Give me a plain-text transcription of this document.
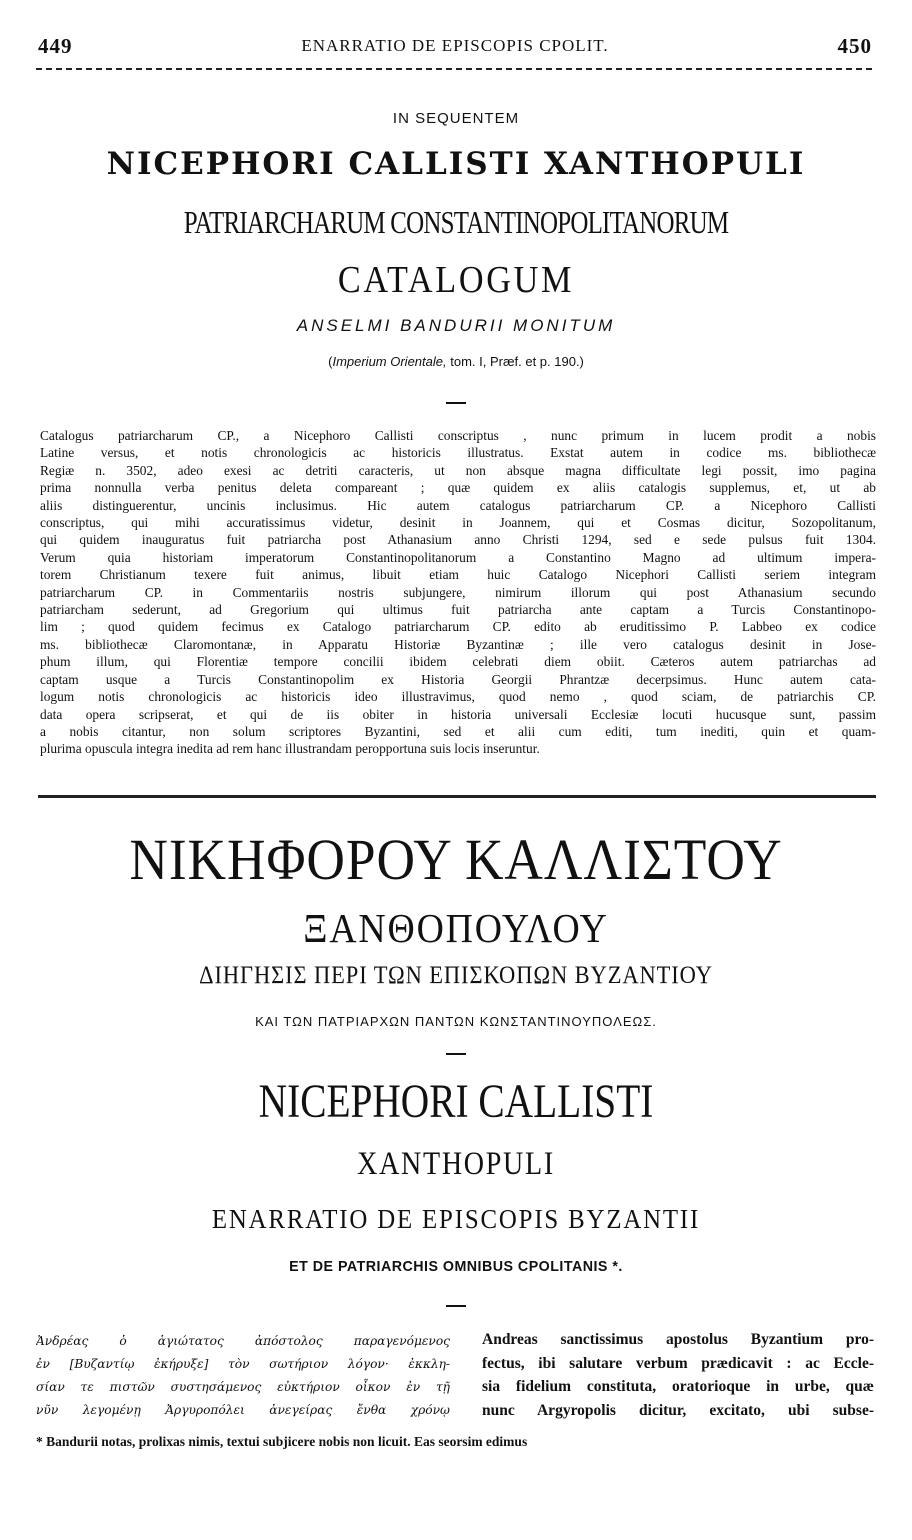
449	ENARRATIO DE EPISCOPIS CPOLIT.	450
IN SEQUENTEM
NICEPHORI CALLISTI XANTHOPULI
PATRIARCHARUM CONSTANTINOPOLITANORUM
CATALOGUM
ANSELMI BANDURII MONITUM
(Imperium Orientale, tom. I, Præf. et p. 190.)
Catalogus patriarcharum CP., a Nicephoro Callisti conscriptus , nunc primum in lucem prodit a nobis
Latine versus, et notis chronologicis ac historicis illustratus. Exstat autem in codice ms. bibliothecæ
Regiæ n. 3502, adeo exesi ac detriti caracteris, ut non absque magna difficultate legi possit, imo pagina
prima nonnulla verba penitus deleta compareant ; quæ quidem ex aliis catalogis supplemus, et, ut ab
aliis distinguerentur, uncinis inclusimus. Hic autem catalogus patriarcharum CP. a Nicephoro Callisti
conscriptus, qui mihi accuratissimus videtur, desinit in Joannem, qui et Cosmas dicitur, Sozopolitanum,
qui quidem inauguratus fuit patriarcha post Athanasium anno Christi 1294, sed e sede pulsus fuit 1304.
Verum quia historiam imperatorum Constantinopolitanorum a Constantino Magno ad ultimum impera-
torem Christianum texere fuit animus, libuit etiam huic Catalogo Nicephori Callisti seriem integram
patriarcharum CP. in Commentariis nostris subjungere, nimirum illorum qui post Athanasium secundo
patriarcham sederunt, ad Gregorium qui ultimus fuit patriarcha ante captam a Turcis Constantinopo-
lim ; quod quidem fecimus ex Catalogo patriarcharum CP. edito ab eruditissimo P. Labbeo ex codice
ms. bibliothecæ Claromontanæ, in Apparatu Historiæ Byzantinæ ; ille vero catalogus desinit in Jose-
phum illum, qui Florentiæ tempore concilii ibidem celebrati diem obiit. Cæteros autem patriarchas ad
captam usque a Turcis Constantinopolim ex Historia Georgii Phrantzæ decerpsimus. Hunc autem cata-
logum notis chronologicis ac historicis ideo illustravimus, quod nemo , quod sciam, de patriarchis CP.
data opera scripserat, et qui de iis obiter in historia universali Ecclesiæ locuti hucusque sunt, passim
a nobis citantur, non solum scriptores Byzantini, sed et alii cum editi, tum inediti, quin et quam-
plurima opuscula integra inedita ad rem hanc illustrandam peropportuna suis locis inseruntur.
ΝΙΚΗΦΟΡΟΥ ΚΑΛΛΙΣΤΟΥ
ΞΑΝΘΟΠΟΥΛΟΥ
ΔΙΗΓΗΣΙΣ ΠΕΡΙ ΤΩΝ ΕΠΙΣΚΟΠΩΝ ΒΥΖΑΝΤΙΟΥ
ΚΑΙ ΤΩΝ ΠΑΤΡΙΑΡΧΩΝ ΠΑΝΤΩΝ ΚΩΝΣΤΑΝΤΙΝΟΥΠΟΛΕΩΣ.
NICEPHORI CALLISTI
XANTHOPULI
ENARRATIO DE EPISCOPIS BYZANTII
ET DE PATRIARCHIS OMNIBUS CPOLITANIS *.
Ἀνδρέας ὁ ἁγιώτατος ἀπόστολος παραγενόμενος
ἐν [Βυζαντίῳ ἐκήρυξε] τὸν σωτήριον λόγον· ἐκκλη-
σίαν τε πιστῶν συστησάμενος εὐκτήριον οἶκον ἐν τῇ
νῦν λεγομένῃ Ἀργυροπόλει ἀνεγείρας ἔνθα χρόνῳ
Andreas sanctissimus apostolus Byzantium pro-
fectus, ibi salutare verbum prædicavit : ac Eccle-
sia fidelium constituta, oratorioque in urbe, quæ
nunc Argyropolis dicitur, excitato, ubi subse-
* Bandurii notas, prolixas nimis, textui subjicere nobis non licuit. Eas seorsim edimus
